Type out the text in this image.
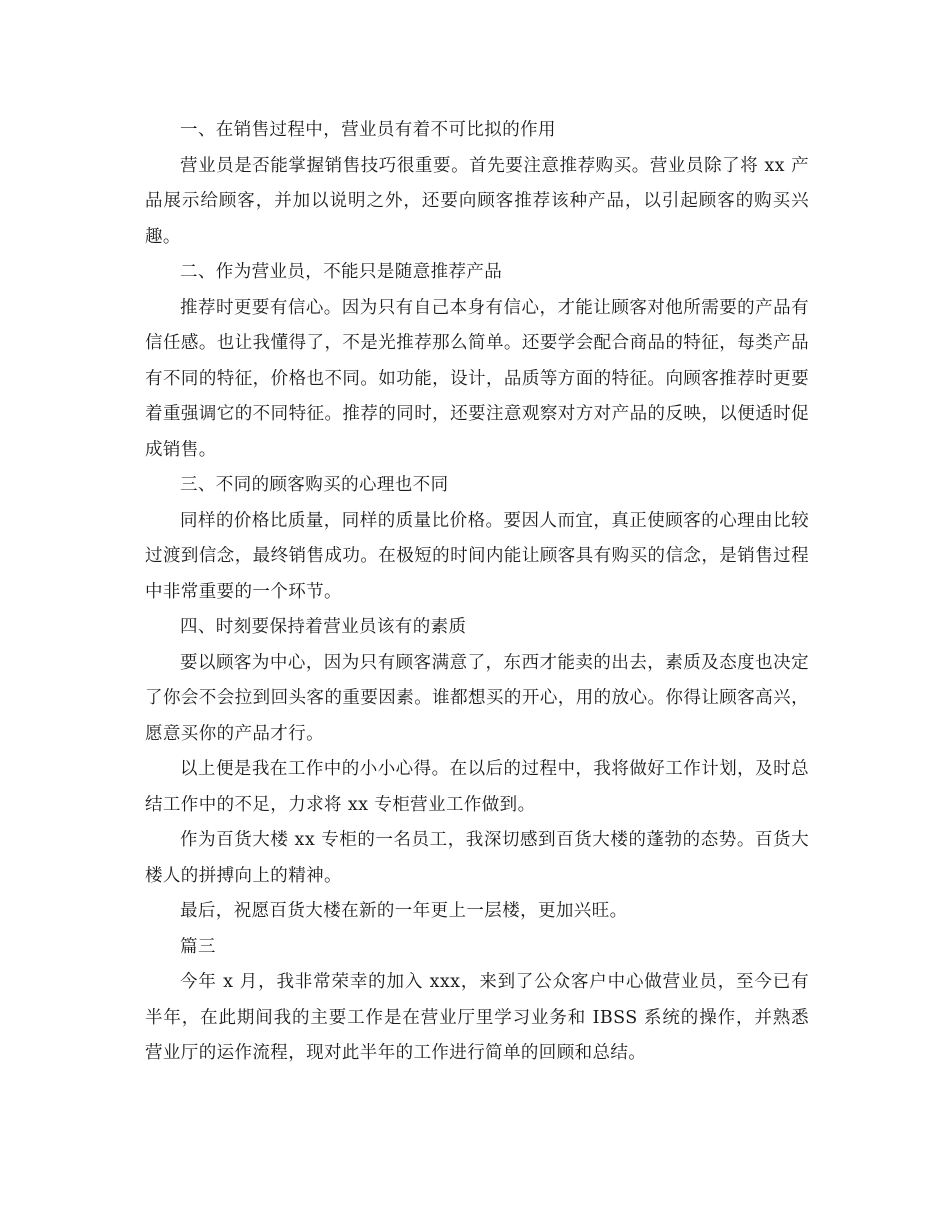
一、在销售过程中，营业员有着不可比拟的作用

营业员是否能掌握销售技巧很重要。首先要注意推荐购买。营业员除了将 xx 产品展示给顾客，并加以说明之外，还要向顾客推荐该种产品，以引起顾客的购买兴趣。

二、作为营业员，不能只是随意推荐产品

推荐时更要有信心。因为只有自己本身有信心，才能让顾客对他所需要的产品有信任感。也让我懂得了，不是光推荐那么简单。还要学会配合商品的特征，每类产品有不同的特征，价格也不同。如功能，设计，品质等方面的特征。向顾客推荐时更要着重强调它的不同特征。推荐的同时，还要注意观察对方对产品的反映，以便适时促成销售。

三、不同的顾客购买的心理也不同

同样的价格比质量，同样的质量比价格。要因人而宜，真正使顾客的心理由比较过渡到信念，最终销售成功。在极短的时间内能让顾客具有购买的信念，是销售过程中非常重要的一个环节。

四、时刻要保持着营业员该有的素质

要以顾客为中心，因为只有顾客满意了，东西才能卖的出去，素质及态度也决定了你会不会拉到回头客的重要因素。谁都想买的开心，用的放心。你得让顾客高兴，愿意买你的产品才行。

以上便是我在工作中的小小心得。在以后的过程中，我将做好工作计划，及时总结工作中的不足，力求将 xx 专柜营业工作做到。

作为百货大楼 xx 专柜的一名员工，我深切感到百货大楼的蓬勃的态势。百货大楼人的拼搏向上的精神。

最后，祝愿百货大楼在新的一年更上一层楼，更加兴旺。

篇三

今年 x 月，我非常荣幸的加入 xxx，来到了公众客户中心做营业员，至今已有半年，在此期间我的主要工作是在营业厅里学习业务和 IBSS 系统的操作，并熟悉营业厅的运作流程，现对此半年的工作进行简单的回顾和总结。
